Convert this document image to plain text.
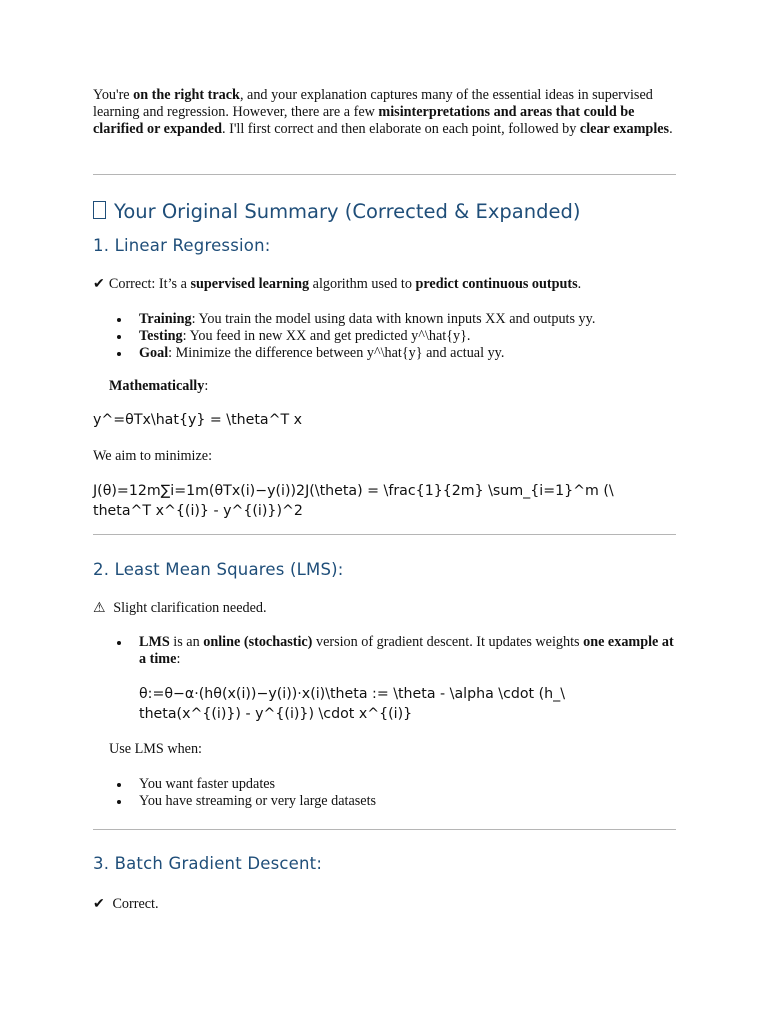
You're on the right track, and your explanation captures many of the essential ideas in supervised learning and regression. However, there are a few misinterpretations and areas that could be clarified or expanded. I'll first correct and then elaborate on each point, followed by clear examples.
Your Original Summary (Corrected & Expanded)
1. Linear Regression:
✔ Correct: It’s a supervised learning algorithm used to predict continuous outputs.
Training: You train the model using data with known inputs XX and outputs yy.
Testing: You feed in new XX and get predicted y^\hat{y}.
Goal: Minimize the difference between y^\hat{y} and actual yy.
Mathematically:
y^=θTx\hat{y} = \theta^T x
We aim to minimize:
J(θ)=12m∑i=1m(θTx(i)−y(i))2J(\theta) = \frac{1}{2m} \sum_{i=1}^m (\
theta^T x^{(i)} - y^{(i)})^2
2. Least Mean Squares (LMS):
⚠ Slight clarification needed.
LMS is an online (stochastic) version of gradient descent. It updates weights one example at a time:
θ:=θ−α⋅(hθ(x(i))−y(i))⋅x(i)\theta := \theta - \alpha \cdot (h_\
theta(x^{(i)}) - y^{(i)}) \cdot x^{(i)}
Use LMS when:
You want faster updates
You have streaming or very large datasets
3. Batch Gradient Descent:
✔ Correct.
